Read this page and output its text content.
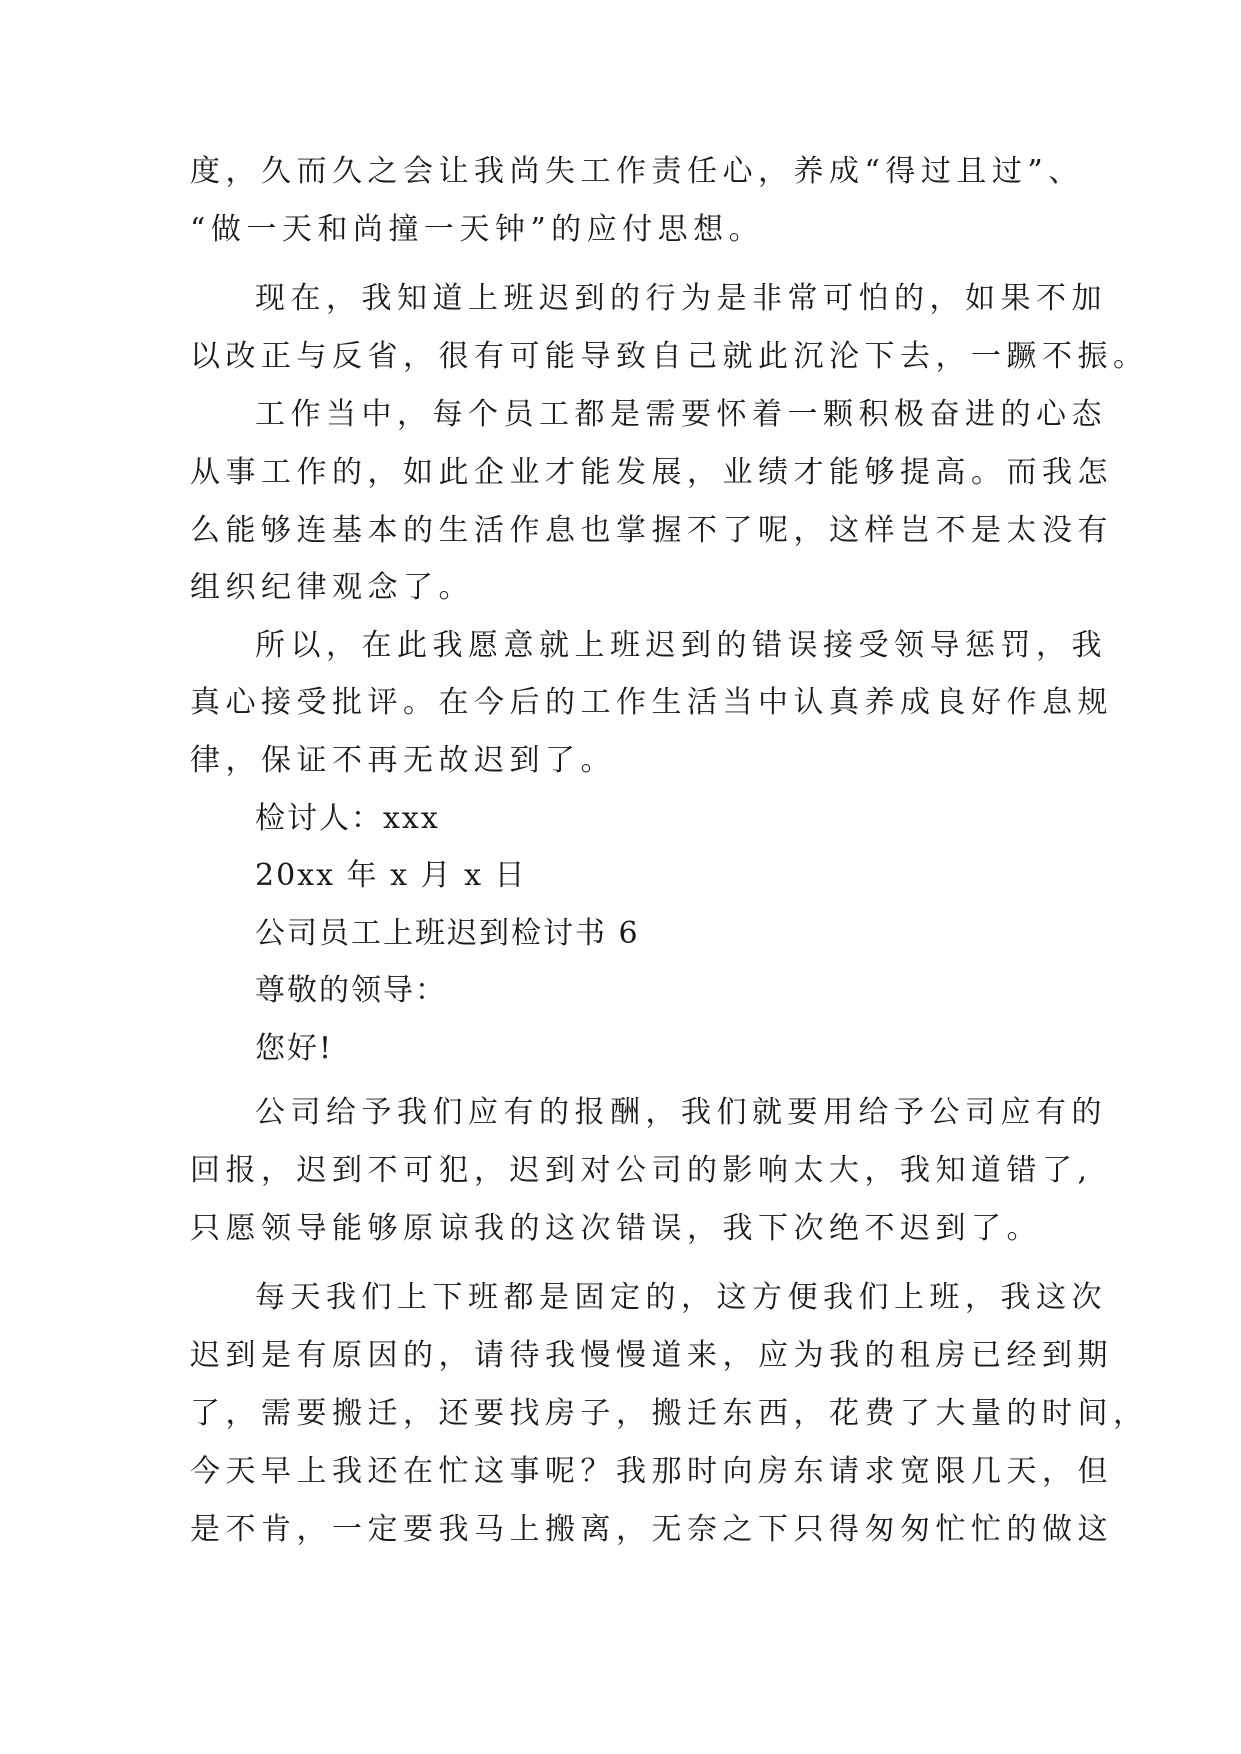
度，久而久之会让我尚失工作责任心，养成“得过且过”、
“做一天和尚撞一天钟”的应付思想。
现在，我知道上班迟到的行为是非常可怕的，如果不加
以改正与反省，很有可能导致自己就此沉沦下去，一蹶不振。
工作当中，每个员工都是需要怀着一颗积极奋进的心态
从事工作的，如此企业才能发展，业绩才能够提高。而我怎
么能够连基本的生活作息也掌握不了呢，这样岂不是太没有
组织纪律观念了。
所以，在此我愿意就上班迟到的错误接受领导惩罚，我
真心接受批评。在今后的工作生活当中认真养成良好作息规
律，保证不再无故迟到了。
检讨人：xxx
20xx 年 x 月 x 日
公司员工上班迟到检讨书 6
尊敬的领导：
您好!
公司给予我们应有的报酬，我们就要用给予公司应有的
回报，迟到不可犯，迟到对公司的影响太大，我知道错了,
只愿领导能够原谅我的这次错误，我下次绝不迟到了。
每天我们上下班都是固定的，这方便我们上班，我这次
迟到是有原因的，请待我慢慢道来，应为我的租房已经到期
了，需要搬迁，还要找房子，搬迁东西，花费了大量的时间，
今天早上我还在忙这事呢？我那时向房东请求宽限几天，但
是不肯，一定要我马上搬离，无奈之下只得匆匆忙忙的做这
